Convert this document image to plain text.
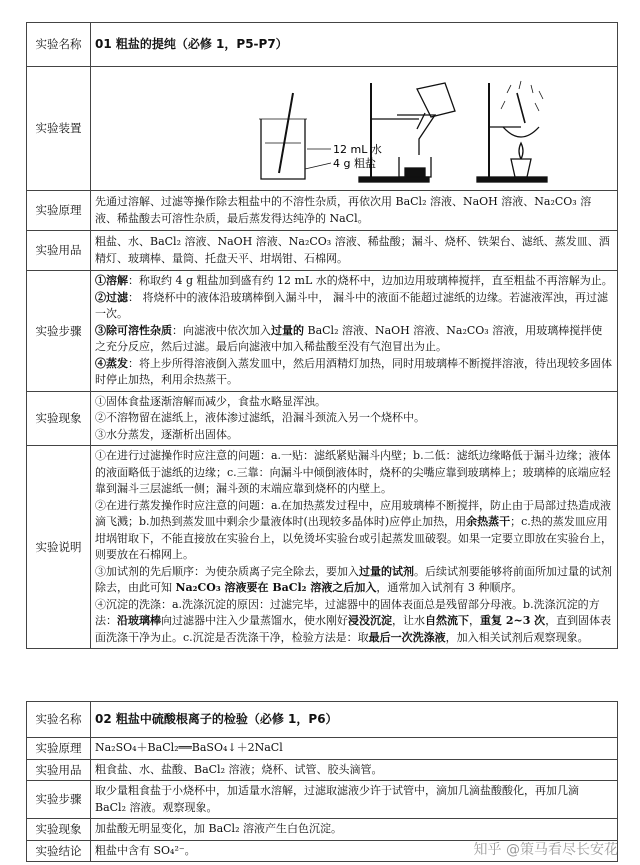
实验名称	01 粗盐的提纯（必修 1，P5-P7）
实验装置	12 mL 水
4 g 粗盐

实验原理	先通过溶解、过滤等操作除去粗盐中的不溶性杂质，再依次用 BaCl₂ 溶液、NaOH 溶液、Na₂CO₃ 溶液、稀盐酸去可溶性杂质，最后蒸发得达纯净的 NaCl。
实验用品	粗盐、水、BaCl₂ 溶液、NaOH 溶液、Na₂CO₃ 溶液、稀盐酸；漏斗、烧杯、铁架台、滤纸、蒸发皿、酒精灯、玻璃棒、量筒、托盘天平、坩埚钳、石棉网。
实验步骤	①溶解：称取约 4 g 粗盐加到盛有约 12 mL 水的烧杯中，边加边用玻璃棒搅拌，直至粗盐不再溶解为止。

②过滤： 将烧杯中的液体沿玻璃棒倒入漏斗中， 漏斗中的液面不能超过滤纸的边缘。若滤液浑浊，再过滤一次。

③除可溶性杂质：向滤液中依次加入过量的 BaCl₂ 溶液、NaOH 溶液、Na₂CO₃ 溶液，用玻璃棒搅拌使之充分反应，然后过滤。最后向滤液中加入稀盐酸至没有气泡冒出为止。

④蒸发：将上步所得溶液倒入蒸发皿中，然后用酒精灯加热，同时用玻璃棒不断搅拌溶液，待出现较多固体时停止加热，利用余热蒸干。

实验现象	①固体食盐逐渐溶解而减少，食盐水略显浑浊。

②不溶物留在滤纸上，液体渗过滤纸，沿漏斗颈流入另一个烧杯中。

③水分蒸发，逐渐析出固体。

实验说明	①在进行过滤操作时应注意的问题：a.一贴：滤纸紧贴漏斗内壁；b.二低：滤纸边缘略低于漏斗边缘；液体的液面略低于滤纸的边缘；c.三靠：向漏斗中倾倒液体时，烧杯的尖嘴应靠到玻璃棒上；玻璃棒的底端应轻靠到漏斗三层滤纸一侧；漏斗颈的末端应靠到烧杯的内壁上。

②在进行蒸发操作时应注意的问题：a.在加热蒸发过程中，应用玻璃棒不断搅拌，防止由于局部过热造成液滴飞溅；b.加热到蒸发皿中剩余少量液体时(出现较多晶体时)应停止加热，用余热蒸干；c.热的蒸发皿应用坩埚钳取下，不能直接放在实验台上，以免烫坏实验台或引起蒸发皿破裂。如果一定要立即放在实验台上，则要放在石棉网上。

③加试剂的先后顺序：为使杂质离子完全除去，要加入过量的试剂。后续试剂要能够将前面所加过量的试剂除去，由此可知 Na₂CO₃ 溶液要在 BaCl₂ 溶液之后加入，通常加入试剂有 3 种顺序。

④沉淀的洗涤：a.洗涤沉淀的原因：过滤完毕，过滤器中的固体表面总是残留部分母液。b.洗涤沉淀的方法：沿玻璃棒向过滤器中注入少量蒸馏水，使水刚好浸没沉淀，让水自然流下，重复 2~3 次，直到固体表面洗涤干净为止。c.沉淀是否洗涤干净，检验方法是：取最后一次洗涤液，加入相关试剂后观察现象。

实验名称	02 粗盐中硫酸根离子的检验（必修 1，P6）
实验原理	Na₂SO₄＋BaCl₂══BaSO₄↓＋2NaCl
实验用品	粗食盐、水、盐酸、BaCl₂ 溶液；烧杯、试管、胶头滴管。
实验步骤	取少量粗食盐于小烧杯中，加适量水溶解，过滤取滤液少许于试管中，滴加几滴盐酸酸化，再加几滴 BaCl₂ 溶液。观察现象。
实验现象	加盐酸无明显变化，加 BaCl₂ 溶液产生白色沉淀。
实验结论	粗盐中含有 SO₄²⁻。	知乎 @策马看尽长安花
